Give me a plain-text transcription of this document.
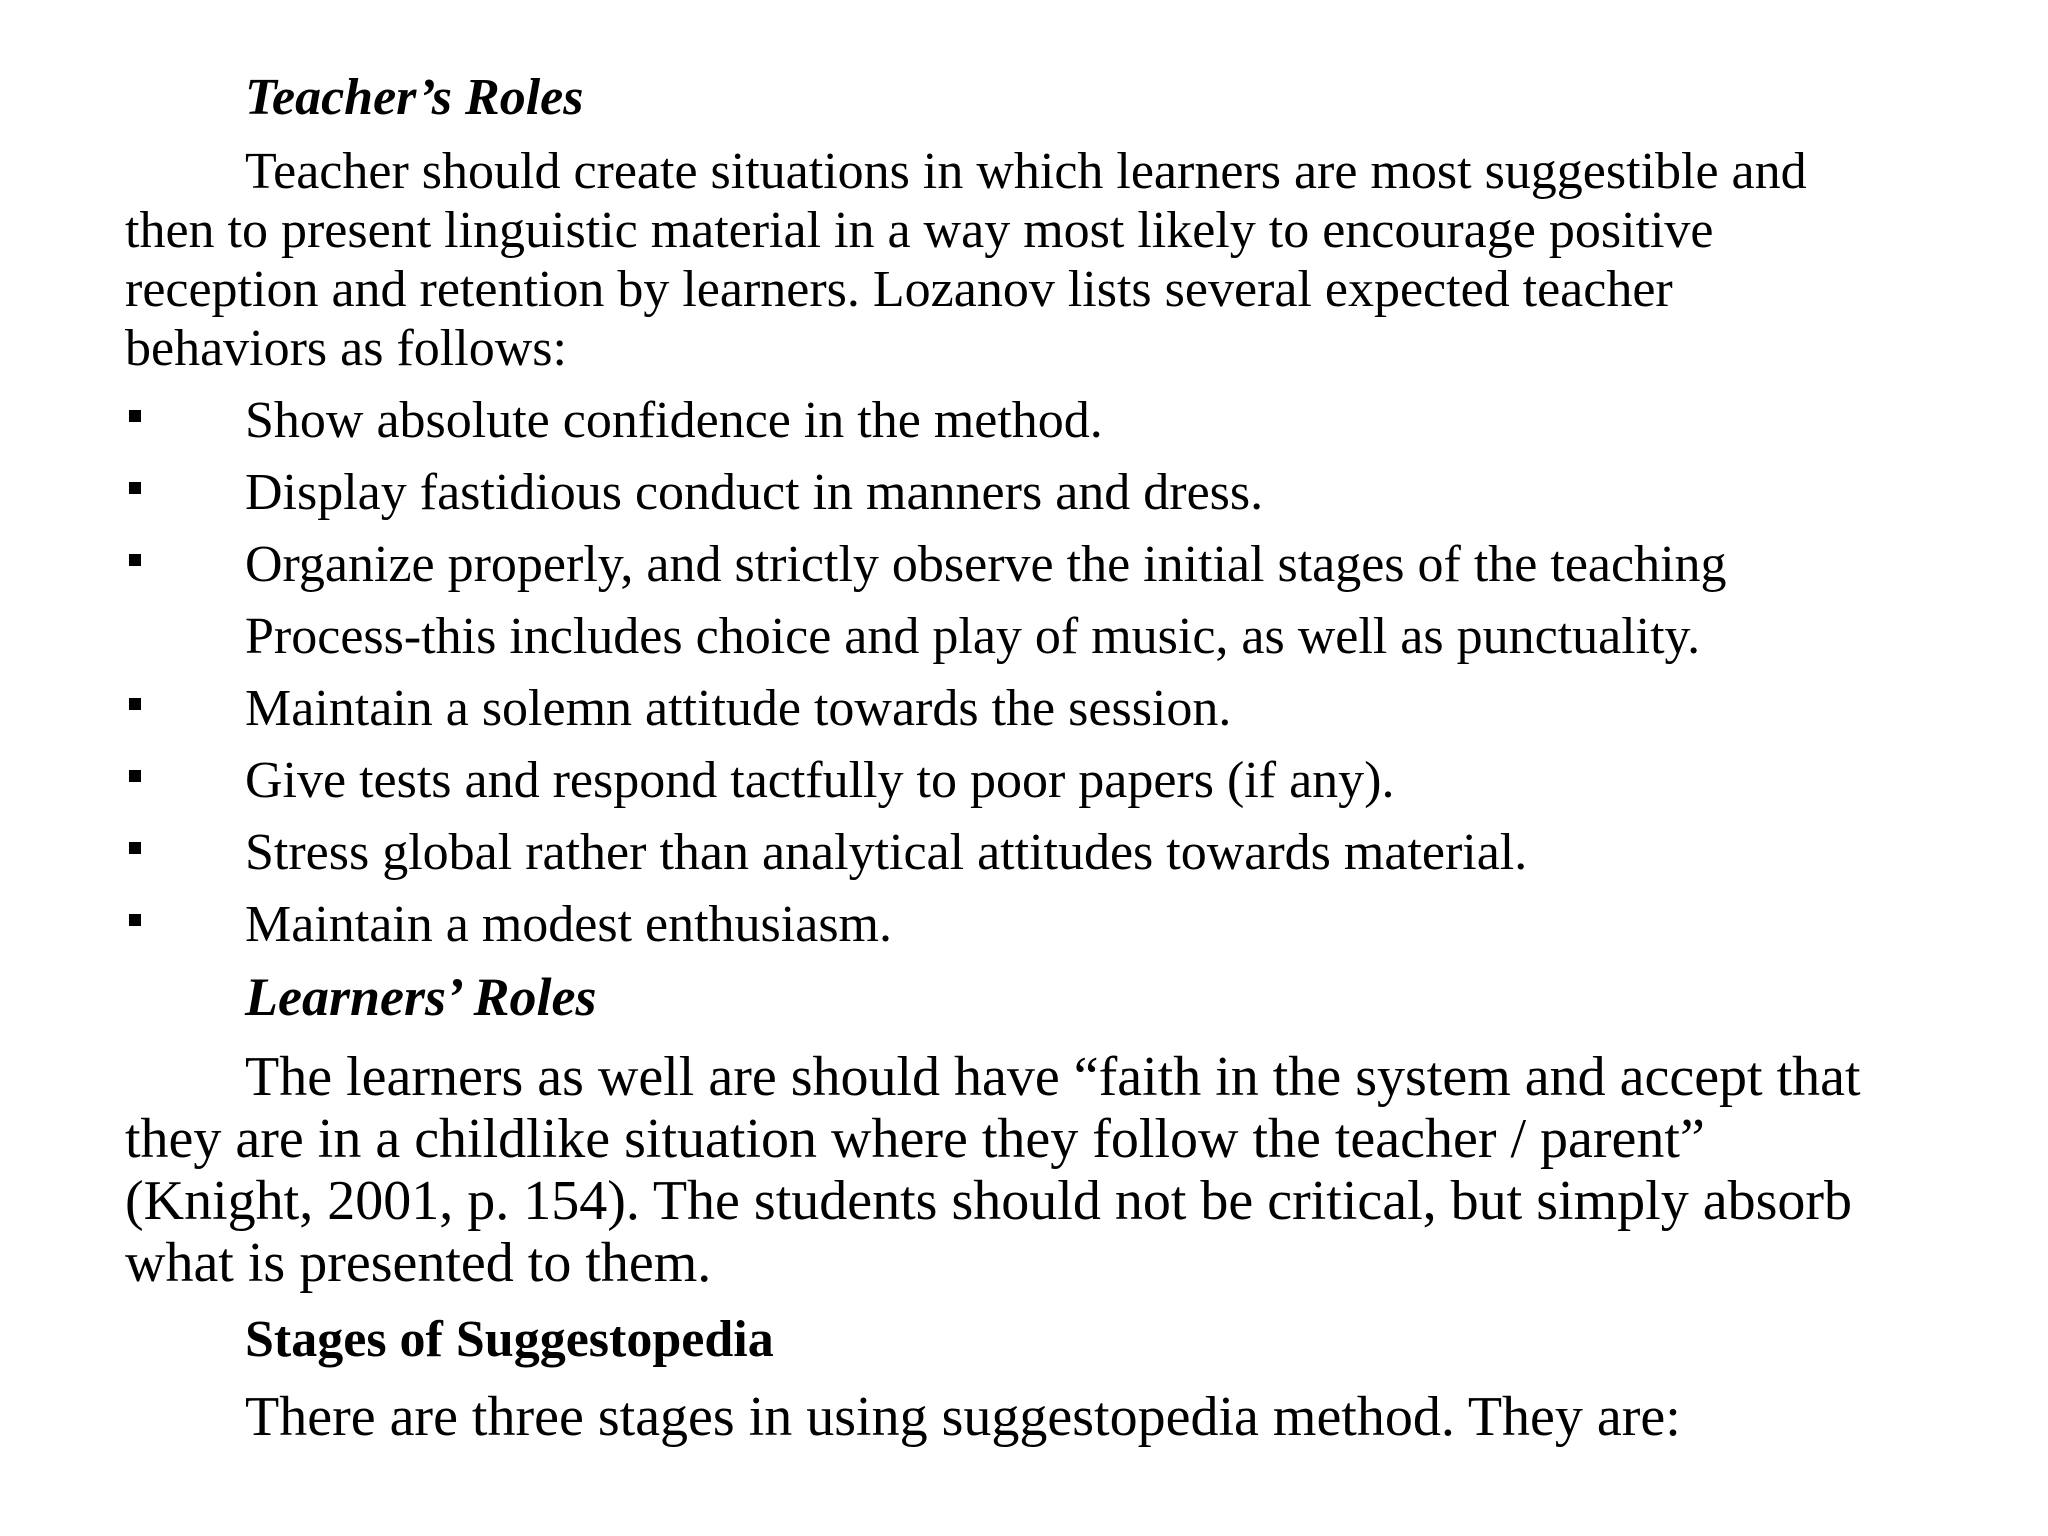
Teacher’s Roles
Teacher should create situations in which learners are most suggestible and
then to present linguistic material in a way most likely to encourage positive
reception and retention by learners. Lozanov lists several expected teacher
behaviors as follows:
Show absolute confidence in the method.
Display fastidious conduct in manners and dress.
Organize properly, and strictly observe the initial stages of the teaching
Process-this includes choice and play of music, as well as punctuality.
Maintain a solemn attitude towards the session.
Give tests and respond tactfully to poor papers (if any).
Stress global rather than analytical attitudes towards material.
Maintain a modest enthusiasm.
Learners’ Roles
The learners as well are should have “faith in the system and accept that
they are in a childlike situation where they follow the teacher / parent”
(Knight, 2001, p. 154). The students should not be critical, but simply absorb
what is presented to them.
Stages of Suggestopedia
There are three stages in using suggestopedia method. They are:
